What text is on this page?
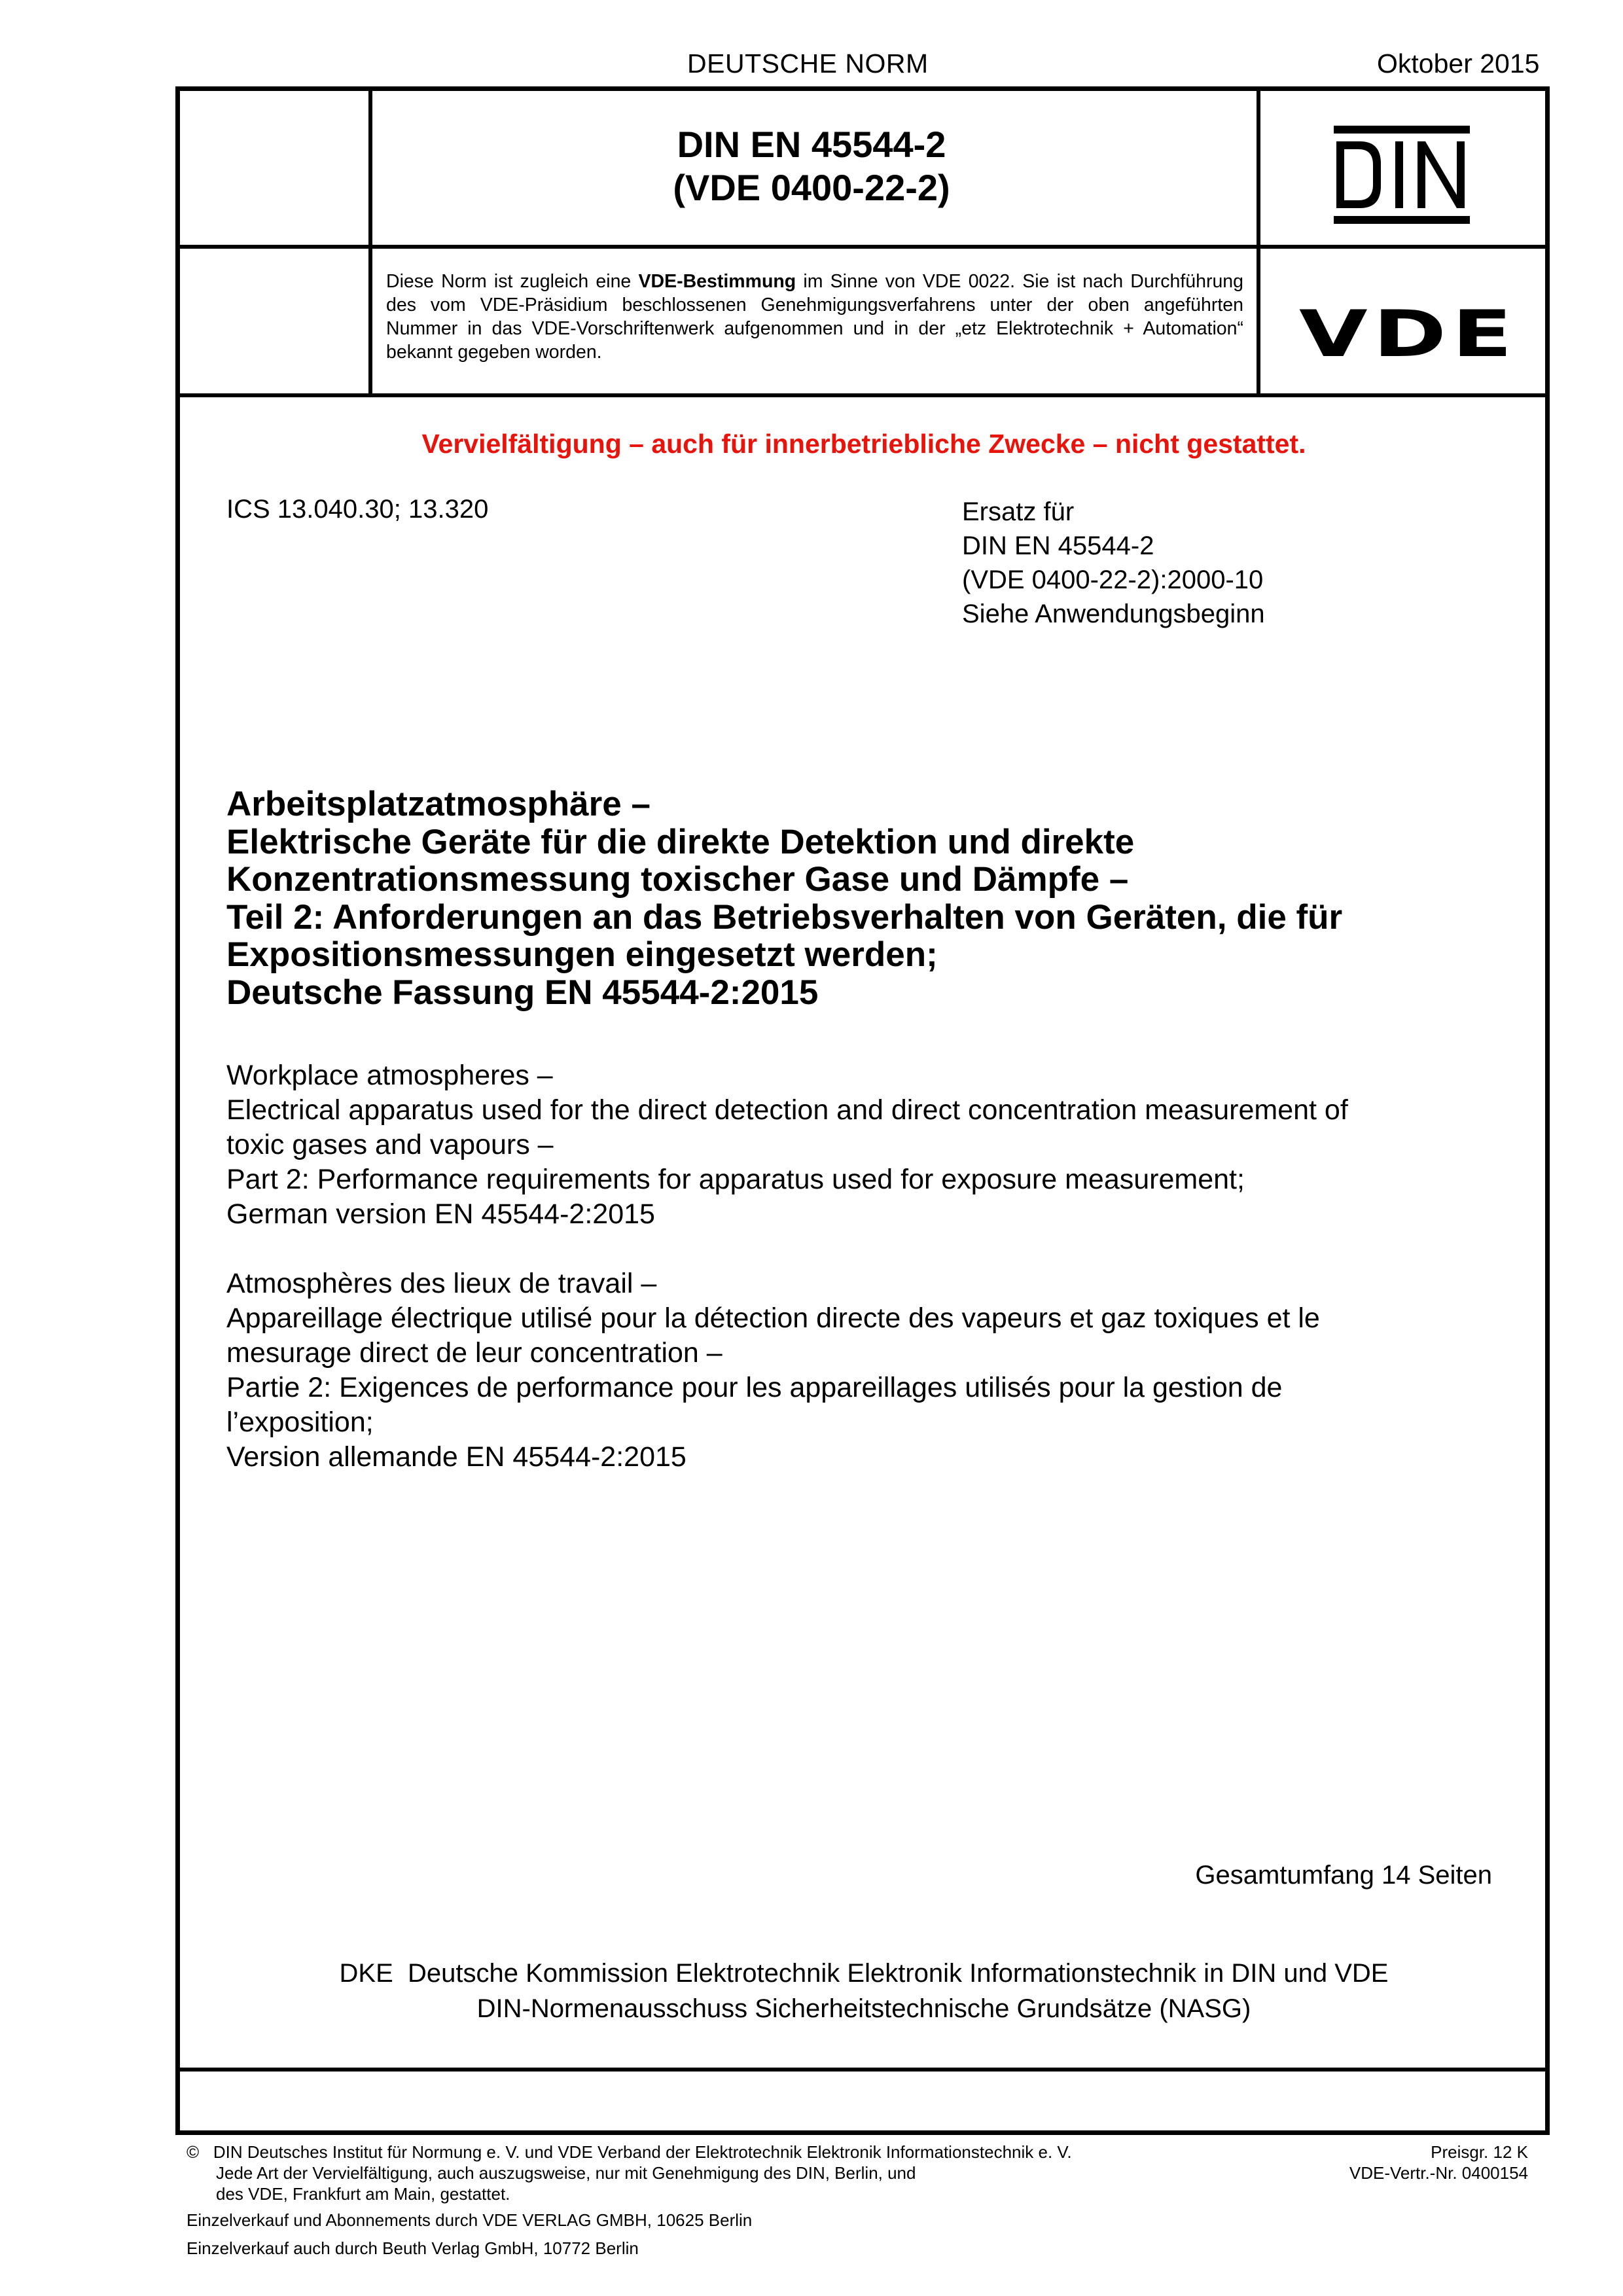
DEUTSCHE NORM	Oktober 2015
DIN EN 45544-2
(VDE 0400-22-2)
VDE
Diese Norm ist zugleich eine VDE-Bestimmung im Sinne von VDE 0022. Sie ist nach Durchführung des vom VDE-Präsidium beschlossenen Genehmigungsverfahrens unter der oben angeführten Nummer in das VDE-Vorschriftenwerk aufgenommen und in der „etz Elektrotechnik + Automation“ bekannt gegeben worden.
Vervielfältigung – auch für innerbetriebliche Zwecke – nicht gestattet.
ICS 13.040.30; 13.320	Ersatz für
DIN EN 45544-2
(VDE 0400-22-2):2000-10
Siehe Anwendungsbeginn
Arbeitsplatzatmosphäre –
Elektrische Geräte für die direkte Detektion und direkte
Konzentrationsmessung toxischer Gase und Dämpfe –
Teil 2: Anforderungen an das Betriebsverhalten von Geräten, die für
Expositionsmessungen eingesetzt werden;
Deutsche Fassung EN 45544-2:2015
Workplace atmospheres –
Electrical apparatus used for the direct detection and direct concentration measurement of
toxic gases and vapours –
Part 2: Performance requirements for apparatus used for exposure measurement;
German version EN 45544-2:2015
Atmosphères des lieux de travail –
Appareillage électrique utilisé pour la détection directe des vapeurs et gaz toxiques et le
mesurage direct de leur concentration –
Partie 2: Exigences de performance pour les appareillages utilisés pour la gestion de
l’exposition;
Version allemande EN 45544-2:2015
Gesamtumfang 14 Seiten
DKE  Deutsche Kommission Elektrotechnik Elektronik Informationstechnik in DIN und VDE
DIN-Normenausschuss Sicherheitstechnische Grundsätze (NASG)
©   DIN Deutsches Institut für Normung e. V. und VDE Verband der Elektrotechnik Elektronik Informationstechnik e. V.
Jede Art der Vervielfältigung, auch auszugsweise, nur mit Genehmigung des DIN, Berlin, und
des VDE, Frankfurt am Main, gestattet.
Preisgr. 12 K
VDE-Vertr.-Nr. 0400154
Einzelverkauf und Abonnements durch VDE VERLAG GMBH, 10625 Berlin
Einzelverkauf auch durch Beuth Verlag GmbH, 10772 Berlin
